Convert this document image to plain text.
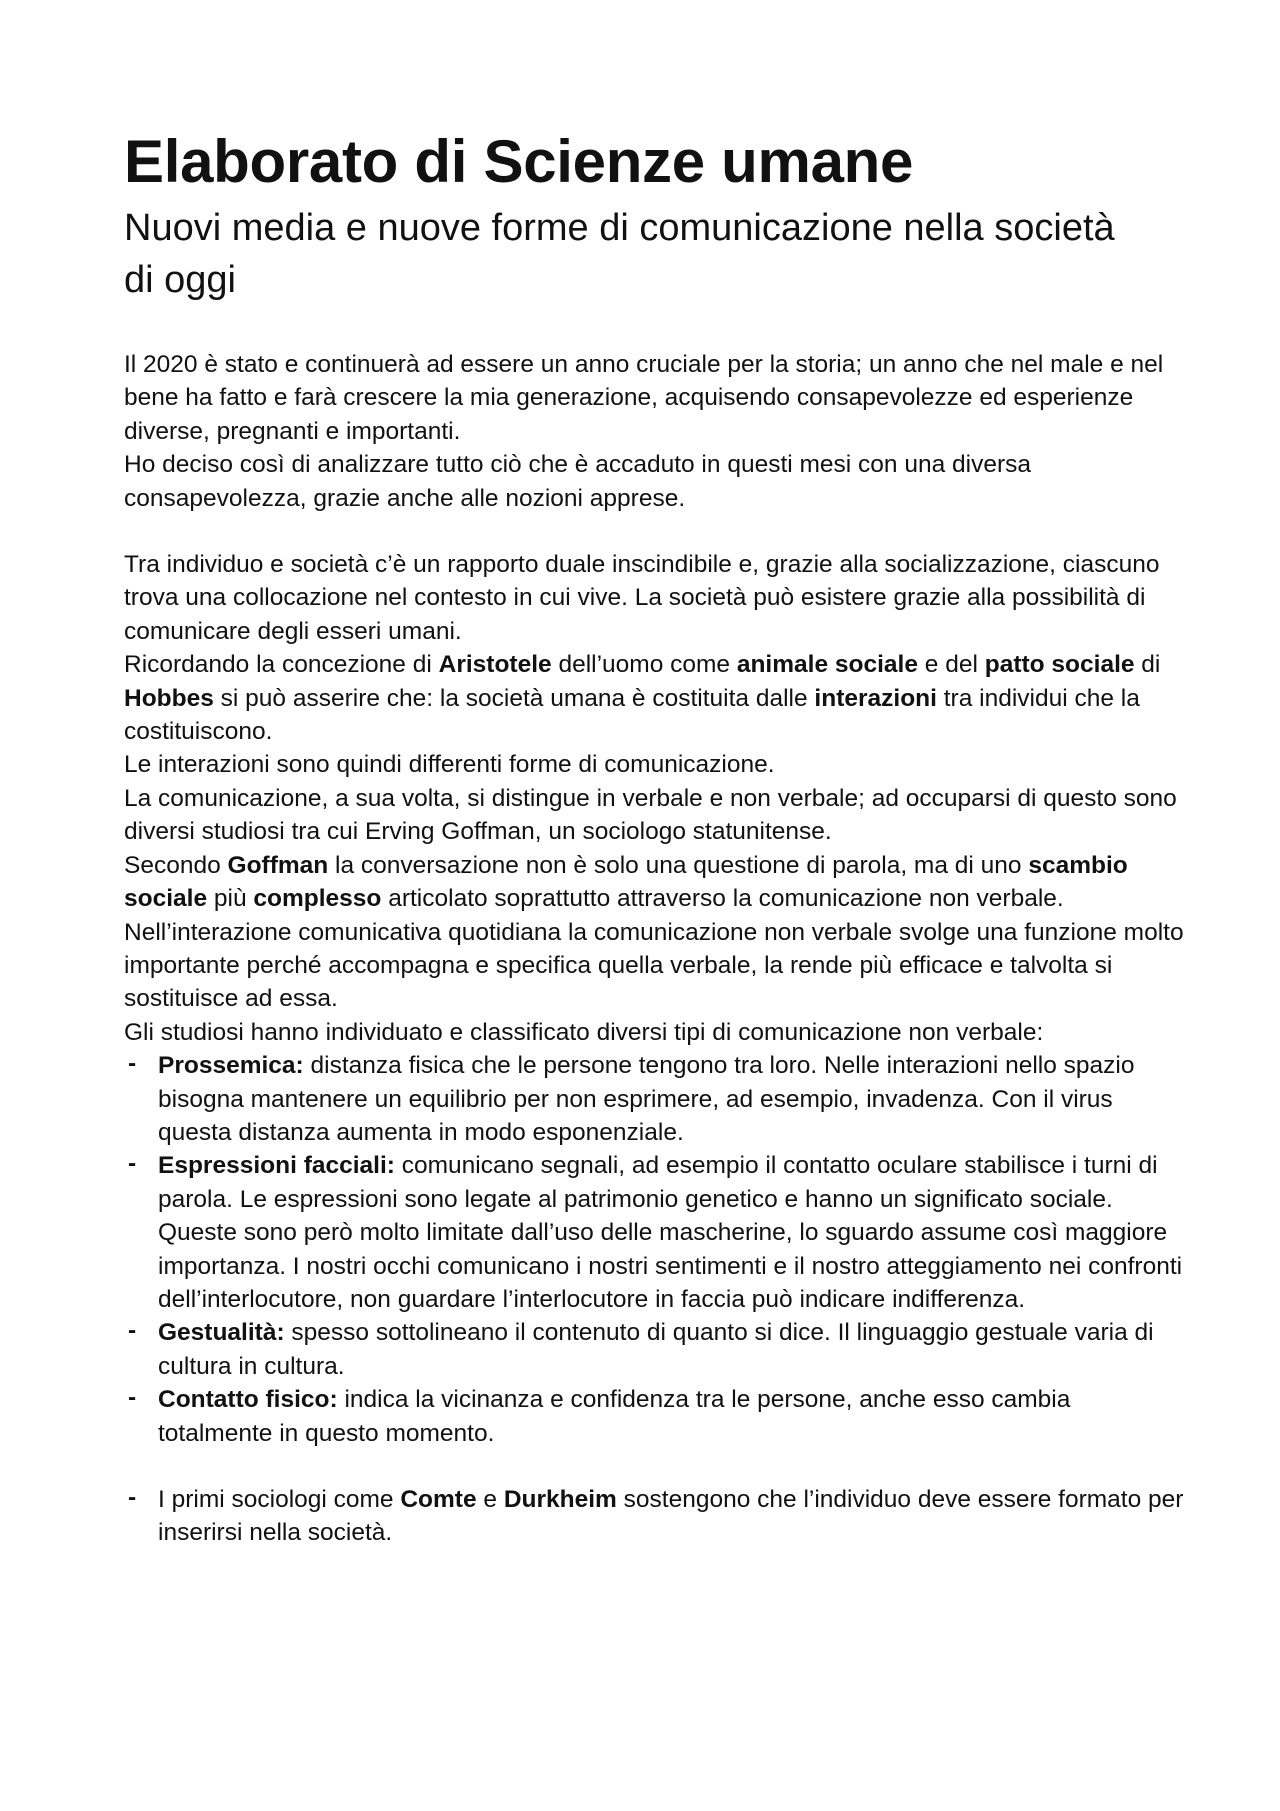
Elaborato di Scienze umane
Nuovi media e nuove forme di comunicazione nella società di oggi
Il 2020 è stato e continuerà ad essere un anno cruciale per la storia; un anno che nel male e nel bene ha fatto e farà crescere la mia generazione, acquisendo consapevolezze ed esperienze diverse, pregnanti e importanti.
Ho deciso così di analizzare tutto ciò che è accaduto in questi mesi con una diversa consapevolezza, grazie anche alle nozioni apprese.
Tra individuo e società c’è un rapporto duale inscindibile e, grazie alla socializzazione, ciascuno trova una collocazione nel contesto in cui vive. La società può esistere grazie alla possibilità di comunicare degli esseri umani.
Ricordando la concezione di Aristotele dell’uomo come animale sociale e del patto sociale di Hobbes si può asserire che: la società umana è costituita dalle interazioni tra individui che la costituiscono.
Le interazioni sono quindi differenti forme di comunicazione.
La comunicazione, a sua volta, si distingue in verbale e non verbale; ad occuparsi di questo sono diversi studiosi tra cui Erving Goffman, un sociologo statunitense.
Secondo Goffman la conversazione non è solo una questione di parola, ma di uno scambio sociale più complesso articolato soprattutto attraverso la comunicazione non verbale.
Nell’interazione comunicativa quotidiana la comunicazione non verbale svolge una funzione molto importante perché accompagna e specifica quella verbale, la rende più efficace e talvolta si sostituisce ad essa.
Gli studiosi hanno individuato e classificato diversi tipi di comunicazione non verbale:
- Prossemica: distanza fisica che le persone tengono tra loro. Nelle interazioni nello spazio bisogna mantenere un equilibrio per non esprimere, ad esempio, invadenza. Con il virus questa distanza aumenta in modo esponenziale.
- Espressioni facciali: comunicano segnali, ad esempio il contatto oculare stabilisce i turni di parola. Le espressioni sono legate al patrimonio genetico e hanno un significato sociale. Queste sono però molto limitate dall’uso delle mascherine, lo sguardo assume così maggiore importanza. I nostri occhi comunicano i nostri sentimenti e il nostro atteggiamento nei confronti dell’interlocutore, non guardare l’interlocutore in faccia può indicare indifferenza.
- Gestualità: spesso sottolineano il contenuto di quanto si dice. Il linguaggio gestuale varia di cultura in cultura.
- Contatto fisico: indica la vicinanza e confidenza tra le persone, anche esso cambia totalmente in questo momento.
- I primi sociologi come Comte e Durkheim sostengono che l’individuo deve essere formato per inserirsi nella società.
